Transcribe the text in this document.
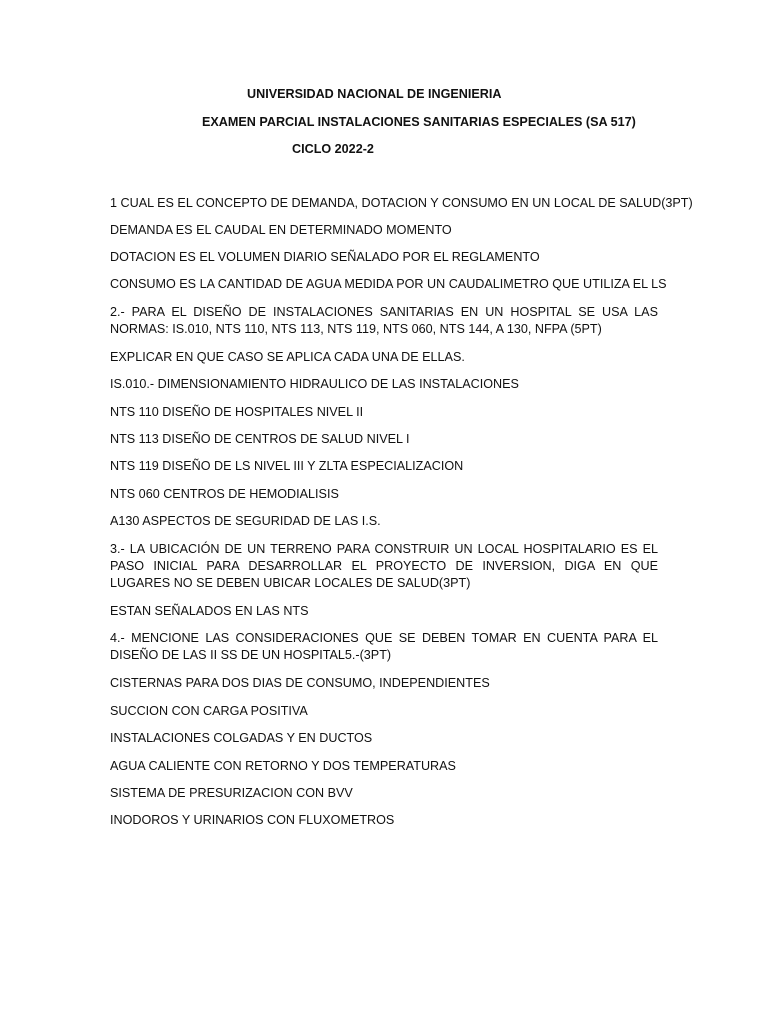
UNIVERSIDAD NACIONAL DE INGENIERIA
EXAMEN PARCIAL INSTALACIONES SANITARIAS ESPECIALES (SA 517)
CICLO 2022-2

1 CUAL ES EL CONCEPTO DE DEMANDA, DOTACION Y CONSUMO EN UN LOCAL DE SALUD(3PT)

DEMANDA ES EL CAUDAL EN DETERMINADO MOMENTO

DOTACION ES EL VOLUMEN DIARIO SEÑALADO POR EL REGLAMENTO

CONSUMO ES LA CANTIDAD DE AGUA MEDIDA POR UN CAUDALIMETRO QUE UTILIZA EL LS

2.- PARA EL DISEÑO DE INSTALACIONES SANITARIAS EN UN HOSPITAL SE USA LAS NORMAS: IS.010, NTS 110, NTS 113, NTS 119, NTS 060, NTS 144, A 130, NFPA (5PT)

EXPLICAR EN QUE CASO SE APLICA CADA UNA DE ELLAS.

IS.010.- DIMENSIONAMIENTO HIDRAULICO DE LAS INSTALACIONES

NTS 110 DISEÑO DE HOSPITALES NIVEL II

NTS 113 DISEÑO DE CENTROS DE SALUD NIVEL I

NTS 119 DISEÑO DE LS NIVEL III Y ZLTA ESPECIALIZACION

NTS 060 CENTROS DE HEMODIALISIS

A130 ASPECTOS DE SEGURIDAD DE LAS I.S.

3.- LA UBICACIÓN DE UN TERRENO PARA CONSTRUIR UN LOCAL HOSPITALARIO ES EL PASO INICIAL PARA DESARROLLAR EL PROYECTO DE INVERSION, DIGA EN QUE LUGARES NO SE DEBEN UBICAR LOCALES DE SALUD(3PT)

ESTAN SEÑALADOS EN LAS NTS

4.- MENCIONE LAS CONSIDERACIONES QUE SE DEBEN TOMAR EN CUENTA PARA EL DISEÑO DE LAS II SS DE UN HOSPITAL5.-(3PT)

CISTERNAS PARA DOS DIAS DE CONSUMO, INDEPENDIENTES

SUCCION CON CARGA POSITIVA

INSTALACIONES COLGADAS Y EN DUCTOS

AGUA CALIENTE CON RETORNO Y DOS TEMPERATURAS

SISTEMA DE PRESURIZACION CON BVV

INODOROS Y URINARIOS CON FLUXOMETROS
